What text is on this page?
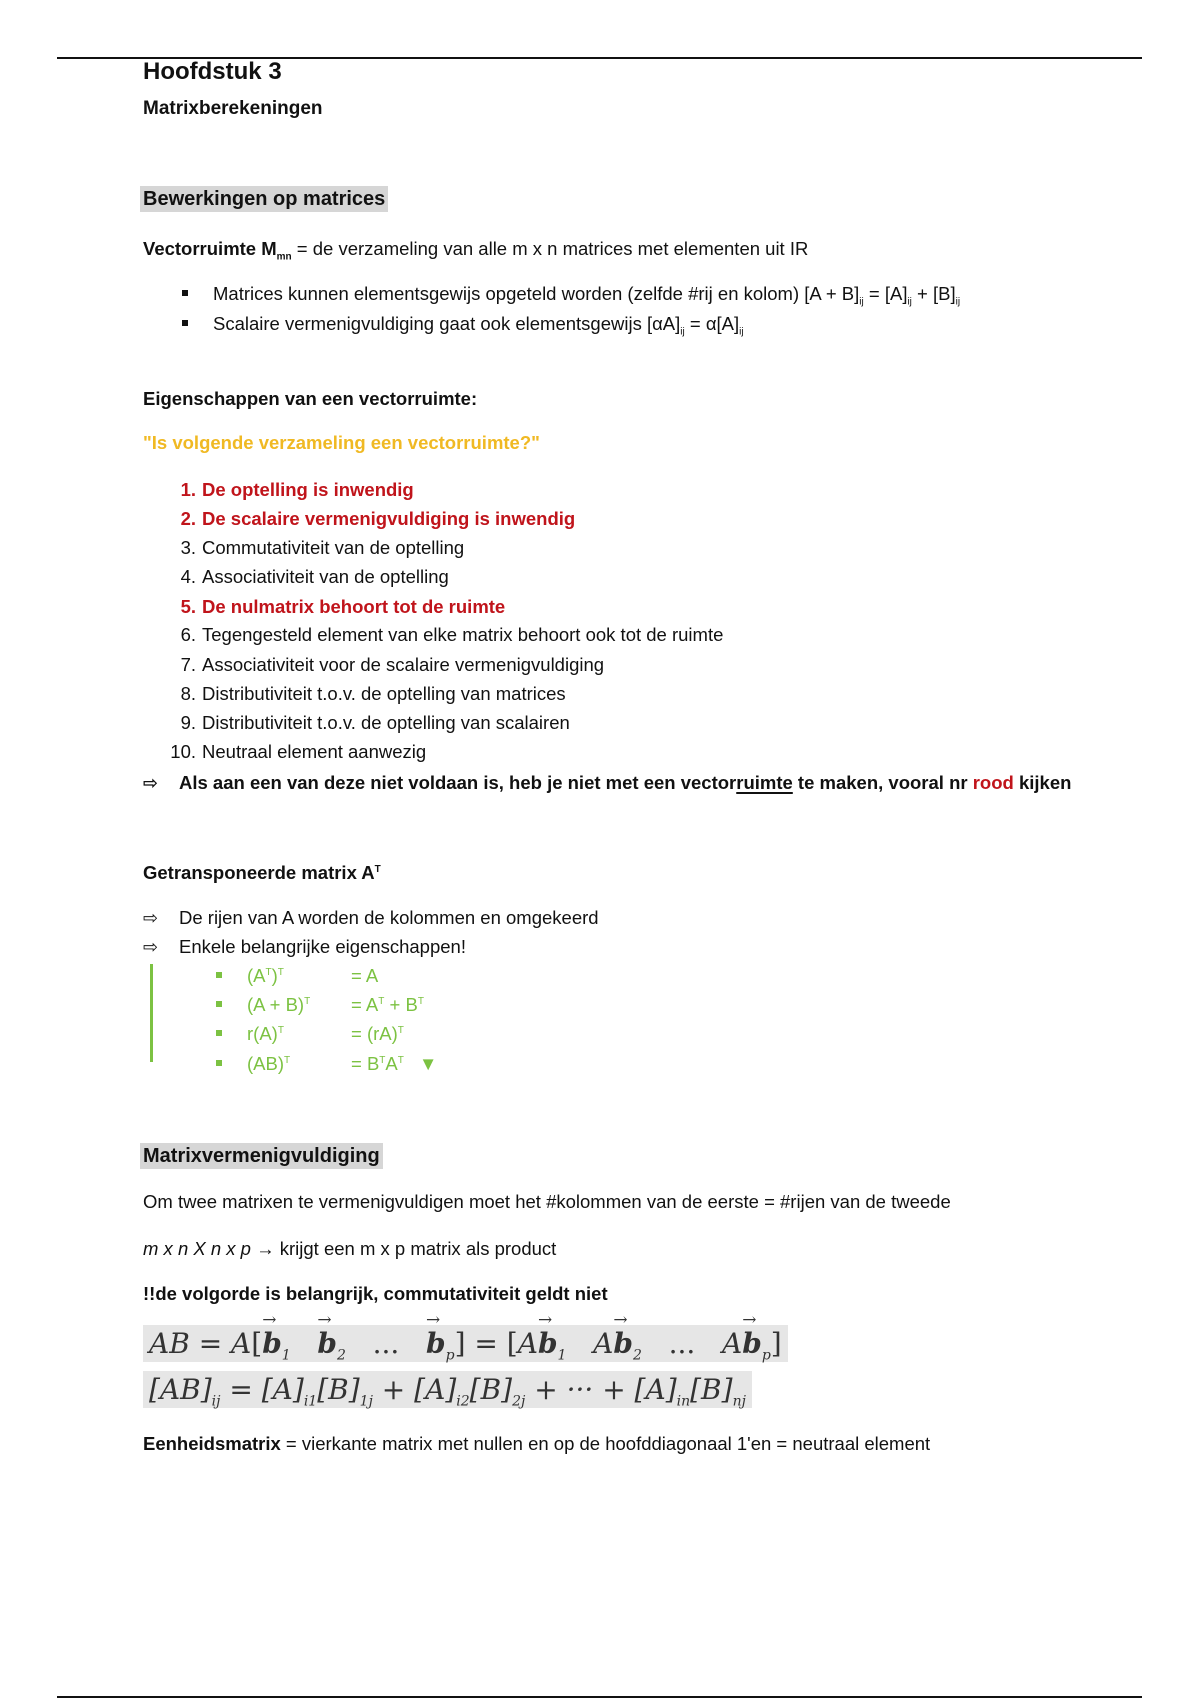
Hoofdstuk 3
Matrixberekeningen
Bewerkingen op matrices
Vectorruimte $M_{mn}$ = de verzameling van alle m x n matrices met elementen uit IR
Matrices kunnen elementsgewijs opgeteld worden (zelfde #rij en kolom) $[A + B]_{ij} = [A]_{ij} + [B]_{ij}$
Scalaire vermenigvuldiging gaat ook elementsgewijs $[\alpha A]_{ij} = \alpha[A]_{ij}$
Eigenschappen van een vectorruimte:
"Is volgende verzameling een vectorruimte?"
1. De optelling is inwendig
2. De scalaire vermenigvuldiging is inwendig
3. Commutativiteit van de optelling
4. Associativiteit van de optelling
5. De nulmatrix behoort tot de ruimte
6. Tegengesteld element van elke matrix behoort ook tot de ruimte
7. Associativiteit voor de scalaire vermenigvuldiging
8. Distributiviteit t.o.v. de optelling van matrices
9. Distributiviteit t.o.v. de optelling van scalairen
10. Neutraal element aanwezig
⇨ Als aan een van deze niet voldaan is, heb je niet met een vectorruimte te maken, vooral nr rood kijken
Getransponeerde matrix $A^T$
⇨ De rijen van A worden de kolommen en omgekeerd
⇨ Enkele belangrijke eigenschappen!
$(A^T)^T$	= A
$(A + B)^T = A^T + B^T$
$r(A)^T$	= (rA)$^T$
(AB)$^T$	= $B^TA^T$ ▼
Matrixvermenigvuldiging
Om twee matrixen te vermenigvuldigen moet het #kolommen van de eerste = #rijen van de tweede
m x n X n x p → krijgt een m x p matrix als product
!!de volgorde is belangrijk, commutativiteit geldt niet
AB = $A[\to b_1 \to b_2$ ... → $b_p] = [A\to b_1$ $A\to b_2$ ... $A\to b_p$]
$[AB]_{ij} = [A]_{i1}[B]_{1j} + [A]_{i2}[B]_{2j}$ + ··· + $[A]_{in}[B]_{nj}$
Eenheidsmatrix = vierkante matrix met nullen en op de hoofddiagonaal 1'en = neutraal element
